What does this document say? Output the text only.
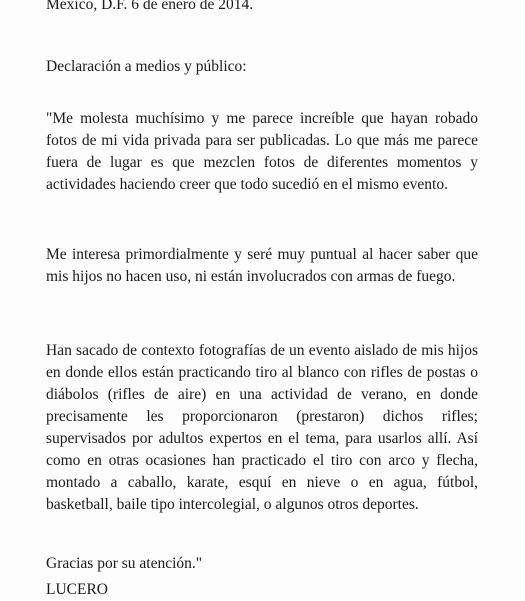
México, D.F. 6 de enero de 2014.

Declaración a medios y público:

"Me molesta muchísimo y me parece increíble que hayan robado fotos de mi vida privada para ser publicadas. Lo que más me parece fuera de lugar es que mezclen fotos de diferentes momentos y actividades haciendo creer que todo sucedió en el mismo evento.

Me interesa primordialmente y seré muy puntual al hacer saber que mis hijos no hacen uso, ni están involucrados con armas de fuego.

Han sacado de contexto fotografías de un evento aislado de mis hijos en donde ellos están practicando tiro al blanco con rifles de postas o diábolos (rifles de aire) en una actividad de verano, en donde precisamente les proporcionaron (prestaron) dichos rifles; supervisados por adultos expertos en el tema, para usarlos allí. Así como en otras ocasiones han practicado el tiro con arco y flecha, montado a caballo, karate, esquí en nieve o en agua, fútbol, basketball, baile tipo intercolegial, o algunos otros deportes.

Gracias por su atención."

LUCERO
